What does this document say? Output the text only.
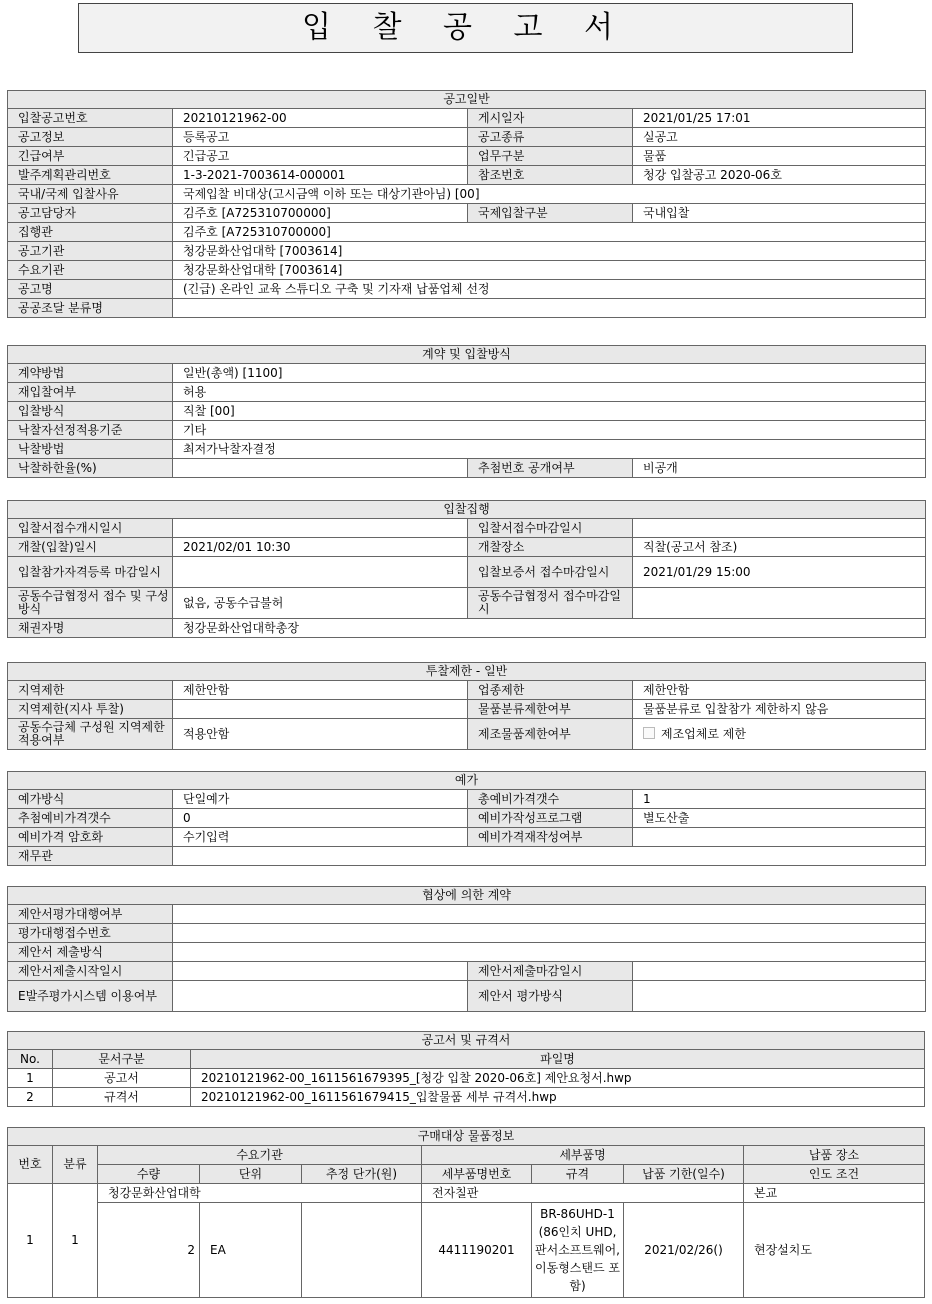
입 찰 공 고 서
공고일반			
입찰공고번호	20210121962-00	게시일자	2021/01/25 17:01
공고정보	등록공고	공고종류	실공고
긴급여부	긴급공고	업무구분	물품
발주계획관리번호	1-3-2021-7003614-000001	참조번호	청강 입찰공고 2020-06호
국내/국제 입찰사유	국제입찰 비대상(고시금액 이하 또는 대상기관아님) [00]		
공고담당자	김주호 [A725310700000]	국제입찰구분	국내입찰
집행관	김주호 [A725310700000]		
공고기관	청강문화산업대학 [7003614]		
수요기관	청강문화산업대학 [7003614]		
공고명	(긴급) 온라인 교육 스튜디오 구축 및 기자재 납품업체 선정		
공공조달 분류명			
계약 및 입찰방식			
계약방법	일반(총액) [1100]		
재입찰여부	허용		
입찰방식	직찰 [00]		
낙찰자선정적용기준	기타		
낙찰방법	최저가낙찰자결정		
낙찰하한율(%)		추첨번호 공개여부	비공개
입찰집행			
입찰서접수개시일시		입찰서접수마감일시	
개찰(입찰)일시	2021/02/01 10:30	개찰장소	직찰(공고서 참조)
입찰참가자격등록 마감일시		입찰보증서 접수마감일시	2021/01/29 15:00
공동수급협정서 접수 및 구성방식	없음, 공동수급불허	공동수급협정서 접수마감일시	
채권자명	청강문화산업대학총장		
투찰제한 - 일반			
지역제한	제한안함	업종제한	제한안함
지역제한(지사 투찰)		물품분류제한여부	물품분류로 입찰참가 제한하지 않음
공동수급체 구성원 지역제한 적용여부	적용안함	제조물품제한여부	제조업체로 제한
예가			
예가방식	단일예가	총예비가격갯수	1
추첨예비가격갯수	0	예비가작성프로그램	별도산출
예비가격 암호화	수기입력	예비가격재작성여부	
재무관			
협상에 의한 계약			
제안서평가대행여부			
평가대행접수번호			
제안서 제출방식			
제안서제출시작일시		제안서제출마감일시	
E발주평가시스템 이용여부		제안서 평가방식	
공고서 및 규격서		
No.	문서구분	파일명
1	공고서	20210121962-00_1611561679395_[청강 입찰 2020-06호] 제안요청서.hwp
2	규격서	20210121962-00_1611561679415_입찰물품 세부 규격서.hwp
구매대상 물품정보								
번호	분류	수요기관			세부품명			납품 장소
		수량	단위	추정 단가(원)	세부품명번호	규격	납품 기한(일수)	인도 조건
1	1	청강문화산업대학			전자칠판			본교
		2	EA		4411190201	BR-86UHD-1 (86인치 UHD, 판서소프트웨어, 이동형스탠드 포함)	2021/02/26()	현장설치도
